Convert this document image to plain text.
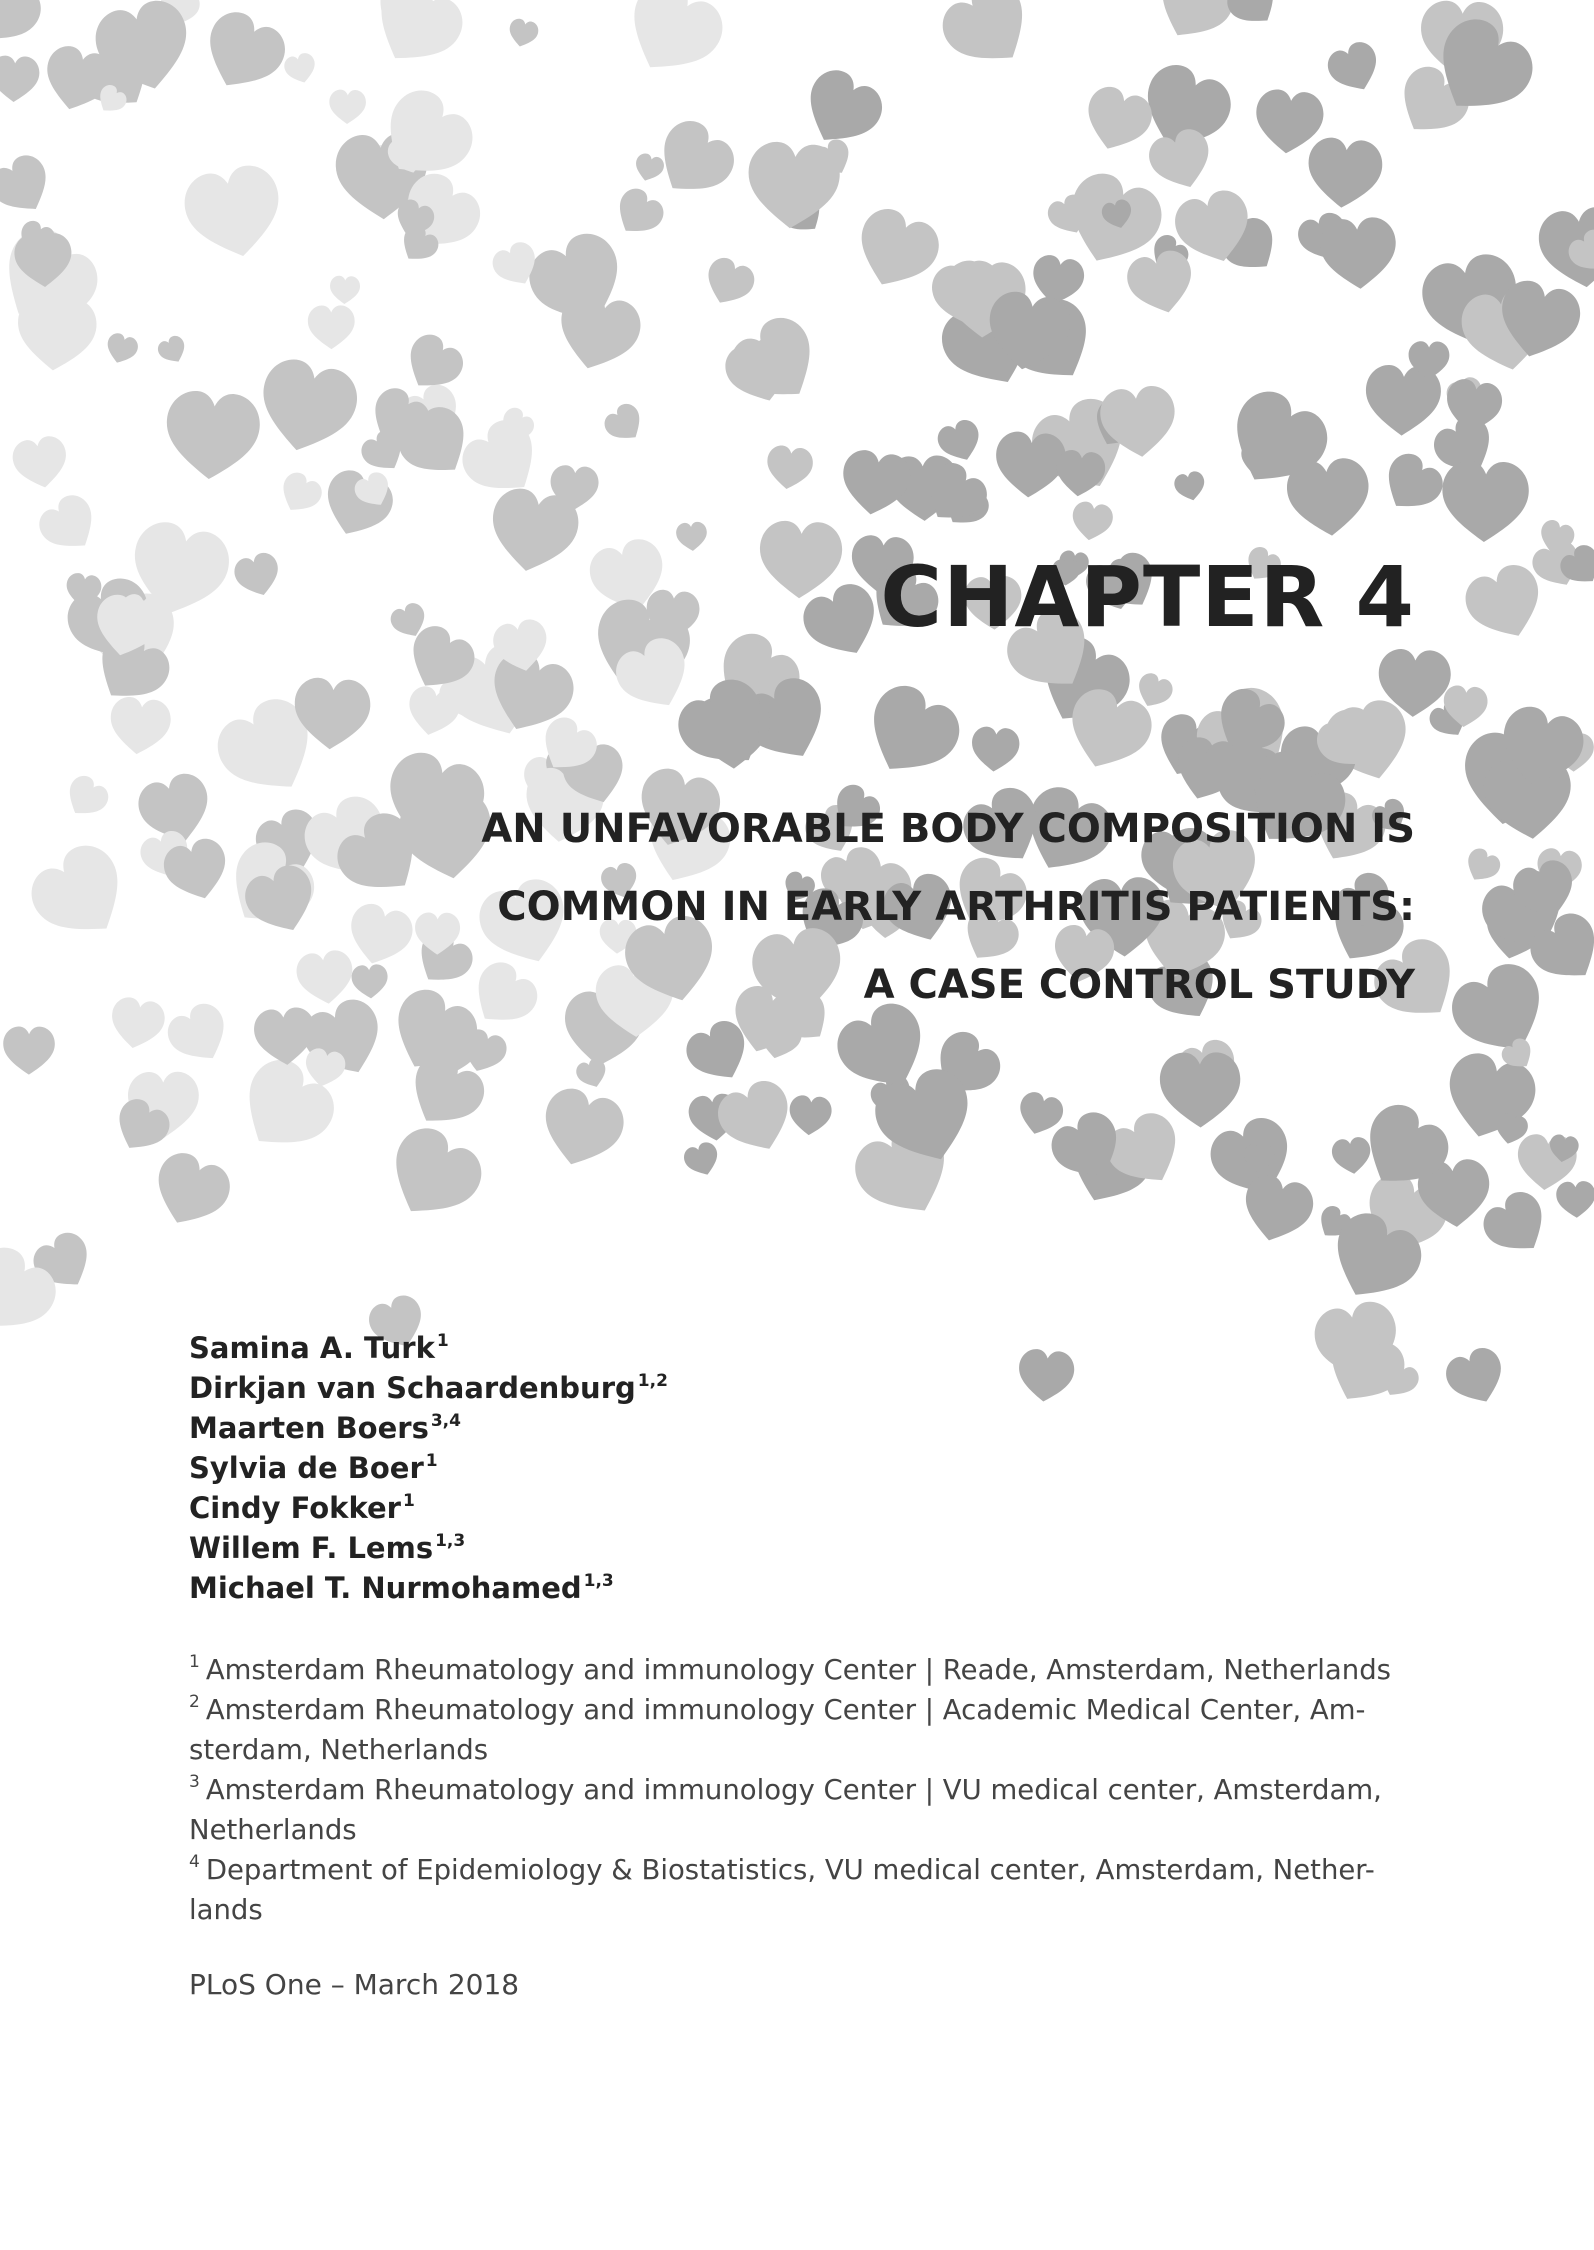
CHAPTER 4
AN UNFAVORABLE BODY COMPOSITION IS
COMMON IN EARLY ARTHRITIS PATIENTS:
A CASE CONTROL STUDY
Samina A. Turk $^1$
Dirkjan van Schaardenburg $^{1,2}$
Maarten Boers $^{3,4}$
Sylvia de Boer $^1$
Cindy Fokker $^1$
Willem F. Lems $^{1,3}$
Michael T. Nurmohamed $^{1,3}$
$^1$ Amsterdam Rheumatology and immunology Center | Reade, Amsterdam, Netherlands
$^2$ Amsterdam Rheumatology and immunology Center | Academic Medical Center, Am-sterdam, Netherlands
$^3$ Amsterdam Rheumatology and immunology Center | VU medical center, Amsterdam, Netherlands
$^4$ Department of Epidemiology & Biostatistics, VU medical center, Amsterdam, Nether-lands

PLoS One – March 2018
